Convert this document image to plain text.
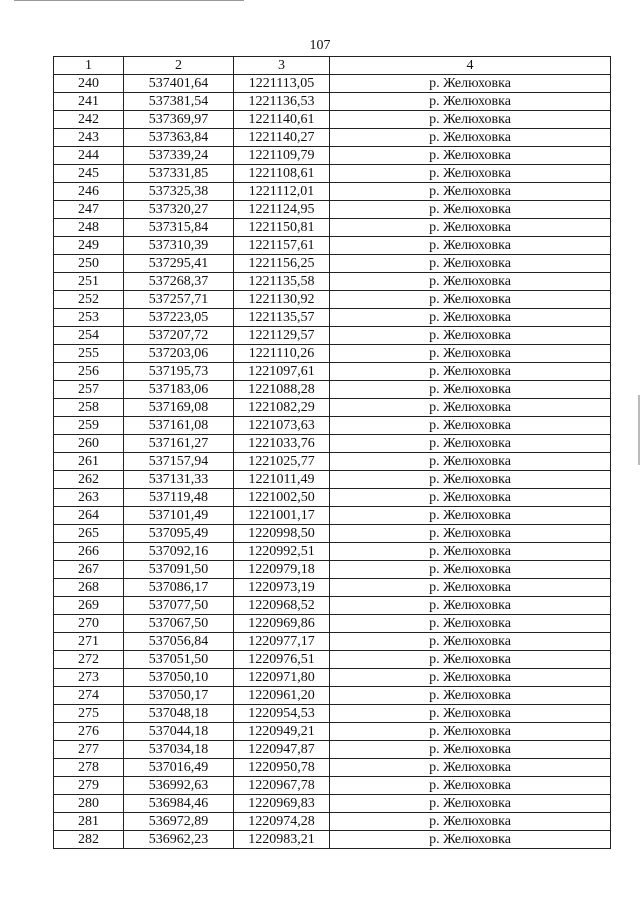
107
1	2	3	4
240	537401,64	1221113,05	р. Желюховка
241	537381,54	1221136,53	р. Желюховка
242	537369,97	1221140,61	р. Желюховка
243	537363,84	1221140,27	р. Желюховка
244	537339,24	1221109,79	р. Желюховка
245	537331,85	1221108,61	р. Желюховка
246	537325,38	1221112,01	р. Желюховка
247	537320,27	1221124,95	р. Желюховка
248	537315,84	1221150,81	р. Желюховка
249	537310,39	1221157,61	р. Желюховка
250	537295,41	1221156,25	р. Желюховка
251	537268,37	1221135,58	р. Желюховка
252	537257,71	1221130,92	р. Желюховка
253	537223,05	1221135,57	р. Желюховка
254	537207,72	1221129,57	р. Желюховка
255	537203,06	1221110,26	р. Желюховка
256	537195,73	1221097,61	р. Желюховка
257	537183,06	1221088,28	р. Желюховка
258	537169,08	1221082,29	р. Желюховка
259	537161,08	1221073,63	р. Желюховка
260	537161,27	1221033,76	р. Желюховка
261	537157,94	1221025,77	р. Желюховка
262	537131,33	1221011,49	р. Желюховка
263	537119,48	1221002,50	р. Желюховка
264	537101,49	1221001,17	р. Желюховка
265	537095,49	1220998,50	р. Желюховка
266	537092,16	1220992,51	р. Желюховка
267	537091,50	1220979,18	р. Желюховка
268	537086,17	1220973,19	р. Желюховка
269	537077,50	1220968,52	р. Желюховка
270	537067,50	1220969,86	р. Желюховка
271	537056,84	1220977,17	р. Желюховка
272	537051,50	1220976,51	р. Желюховка
273	537050,10	1220971,80	р. Желюховка
274	537050,17	1220961,20	р. Желюховка
275	537048,18	1220954,53	р. Желюховка
276	537044,18	1220949,21	р. Желюховка
277	537034,18	1220947,87	р. Желюховка
278	537016,49	1220950,78	р. Желюховка
279	536992,63	1220967,78	р. Желюховка
280	536984,46	1220969,83	р. Желюховка
281	536972,89	1220974,28	р. Желюховка
282	536962,23	1220983,21	р. Желюховка
